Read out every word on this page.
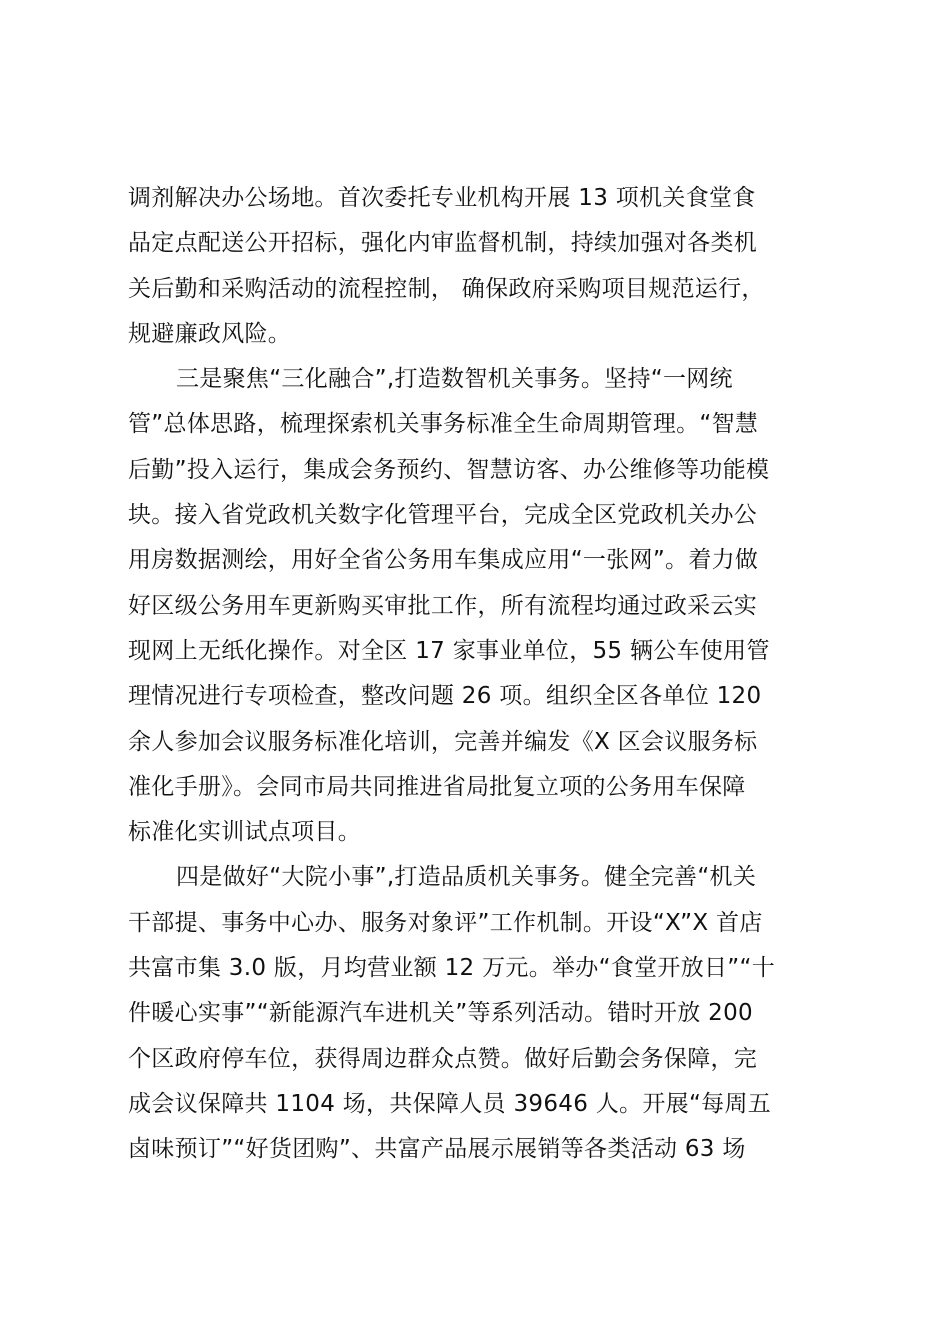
调剂解决办公场地。首次委托专业机构开展 13 项机关食堂食
品定点配送公开招标，强化内审监督机制，持续加强对各类机
关后勤和采购活动的流程控制， 确保政府采购项目规范运行，
规避廉政风险。
三是聚焦“三化融合”,打造数智机关事务。坚持“一网统
管”总体思路，梳理探索机关事务标准全生命周期管理。“智慧
后勤”投入运行，集成会务预约、智慧访客、办公维修等功能模
块。接入省党政机关数字化管理平台，完成全区党政机关办公
用房数据测绘，用好全省公务用车集成应用“一张网”。着力做
好区级公务用车更新购买审批工作，所有流程均通过政采云实
现网上无纸化操作。对全区 17 家事业单位，55 辆公车使用管
理情况进行专项检查，整改问题 26 项。组织全区各单位 120
余人参加会议服务标准化培训，完善并编发《X 区会议服务标
准化手册》。会同市局共同推进省局批复立项的公务用车保障
标准化实训试点项目。
四是做好“大院小事”,打造品质机关事务。健全完善“机关
干部提、事务中心办、服务对象评”工作机制。开设“X”X 首店
共富市集 3.0 版，月均营业额 12 万元。举办“食堂开放日”“十
件暖心实事”“新能源汽车进机关”等系列活动。错时开放 200
个区政府停车位，获得周边群众点赞。做好后勤会务保障，完
成会议保障共 1104 场，共保障人员 39646 人。开展“每周五
卤味预订”“好货团购”、共富产品展示展销等各类活动 63 场
